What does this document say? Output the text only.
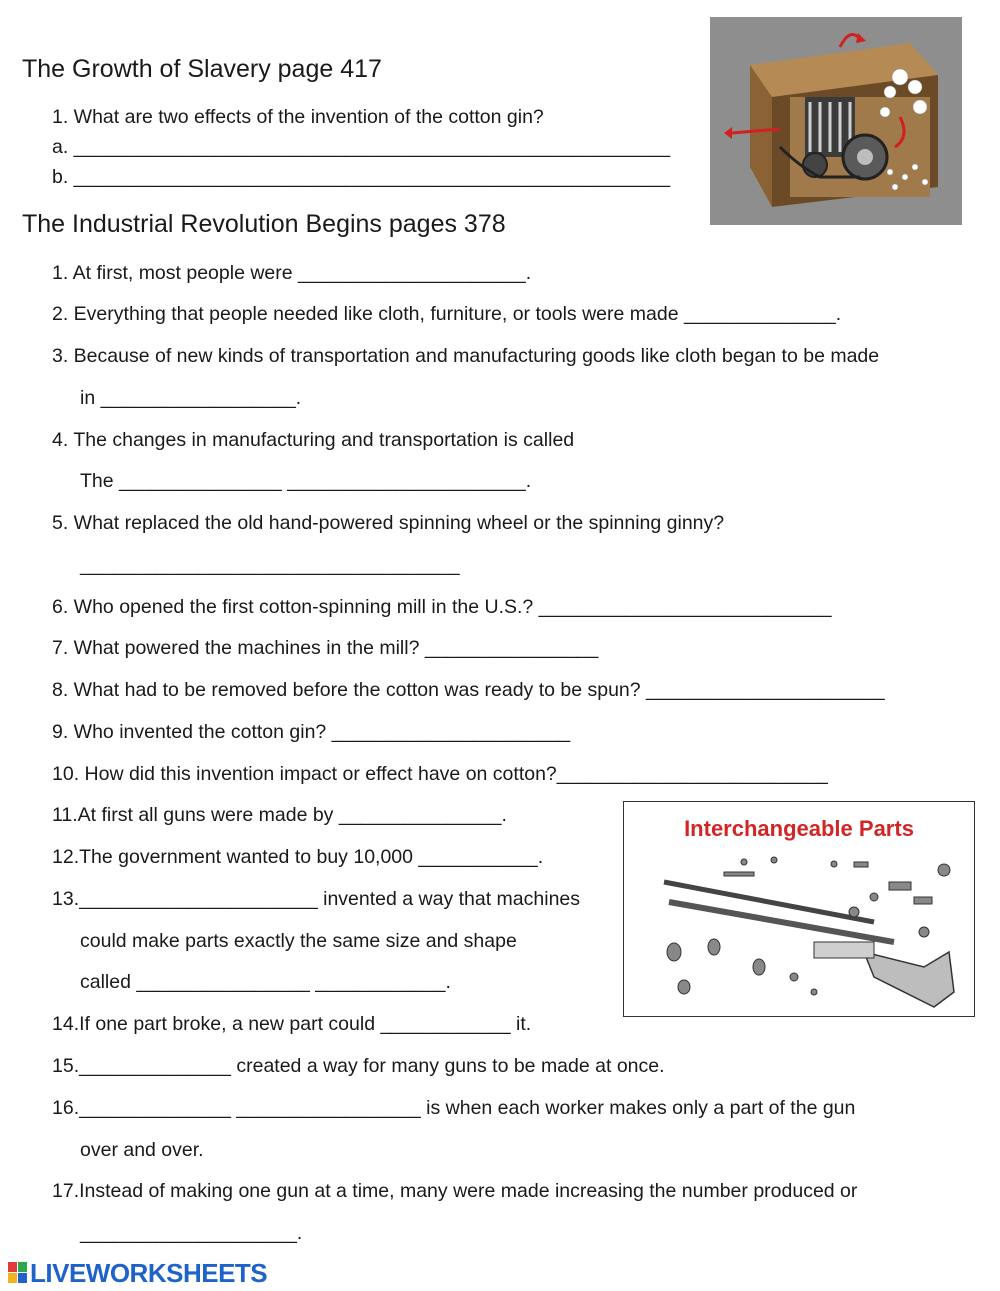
The Growth of Slavery page 417
1. What are two effects of the invention of the cotton gin?
a. _______________________________________________________
b. _______________________________________________________
The Industrial Revolution Begins pages 378
1. At first, most people were _____________________.
2. Everything that people needed like cloth, furniture, or tools were made ______________.
3. Because of new kinds of transportation and manufacturing goods like cloth began to be made
in __________________.
4. The changes in manufacturing and transportation is called
The _______________ ______________________.
5. What replaced the old hand-powered spinning wheel or the spinning ginny?
___________________________________
6. Who opened the first cotton-spinning mill in the U.S.? ___________________________
7. What powered the machines in the mill? ________________
8. What had to be removed before the cotton was ready to be spun? ______________________
9. Who invented the cotton gin? ______________________
10. How did this invention impact or effect have on cotton?_________________________
11.At first all guns were made by _______________.
12.The government wanted to buy 10,000 ___________.
13.______________________ invented a way that machines
could make parts exactly the same size and shape
called ________________ ____________.
14.If one part broke, a new part could ____________ it.
15.______________ created a way for many guns to be made at once.
16.______________ _________________ is when each worker makes only a part of the gun
over and over.
17.Instead of making one gun at a time, many were made increasing the number produced or
____________________.
Interchangeable Parts
LIVEWORKSHEETS
